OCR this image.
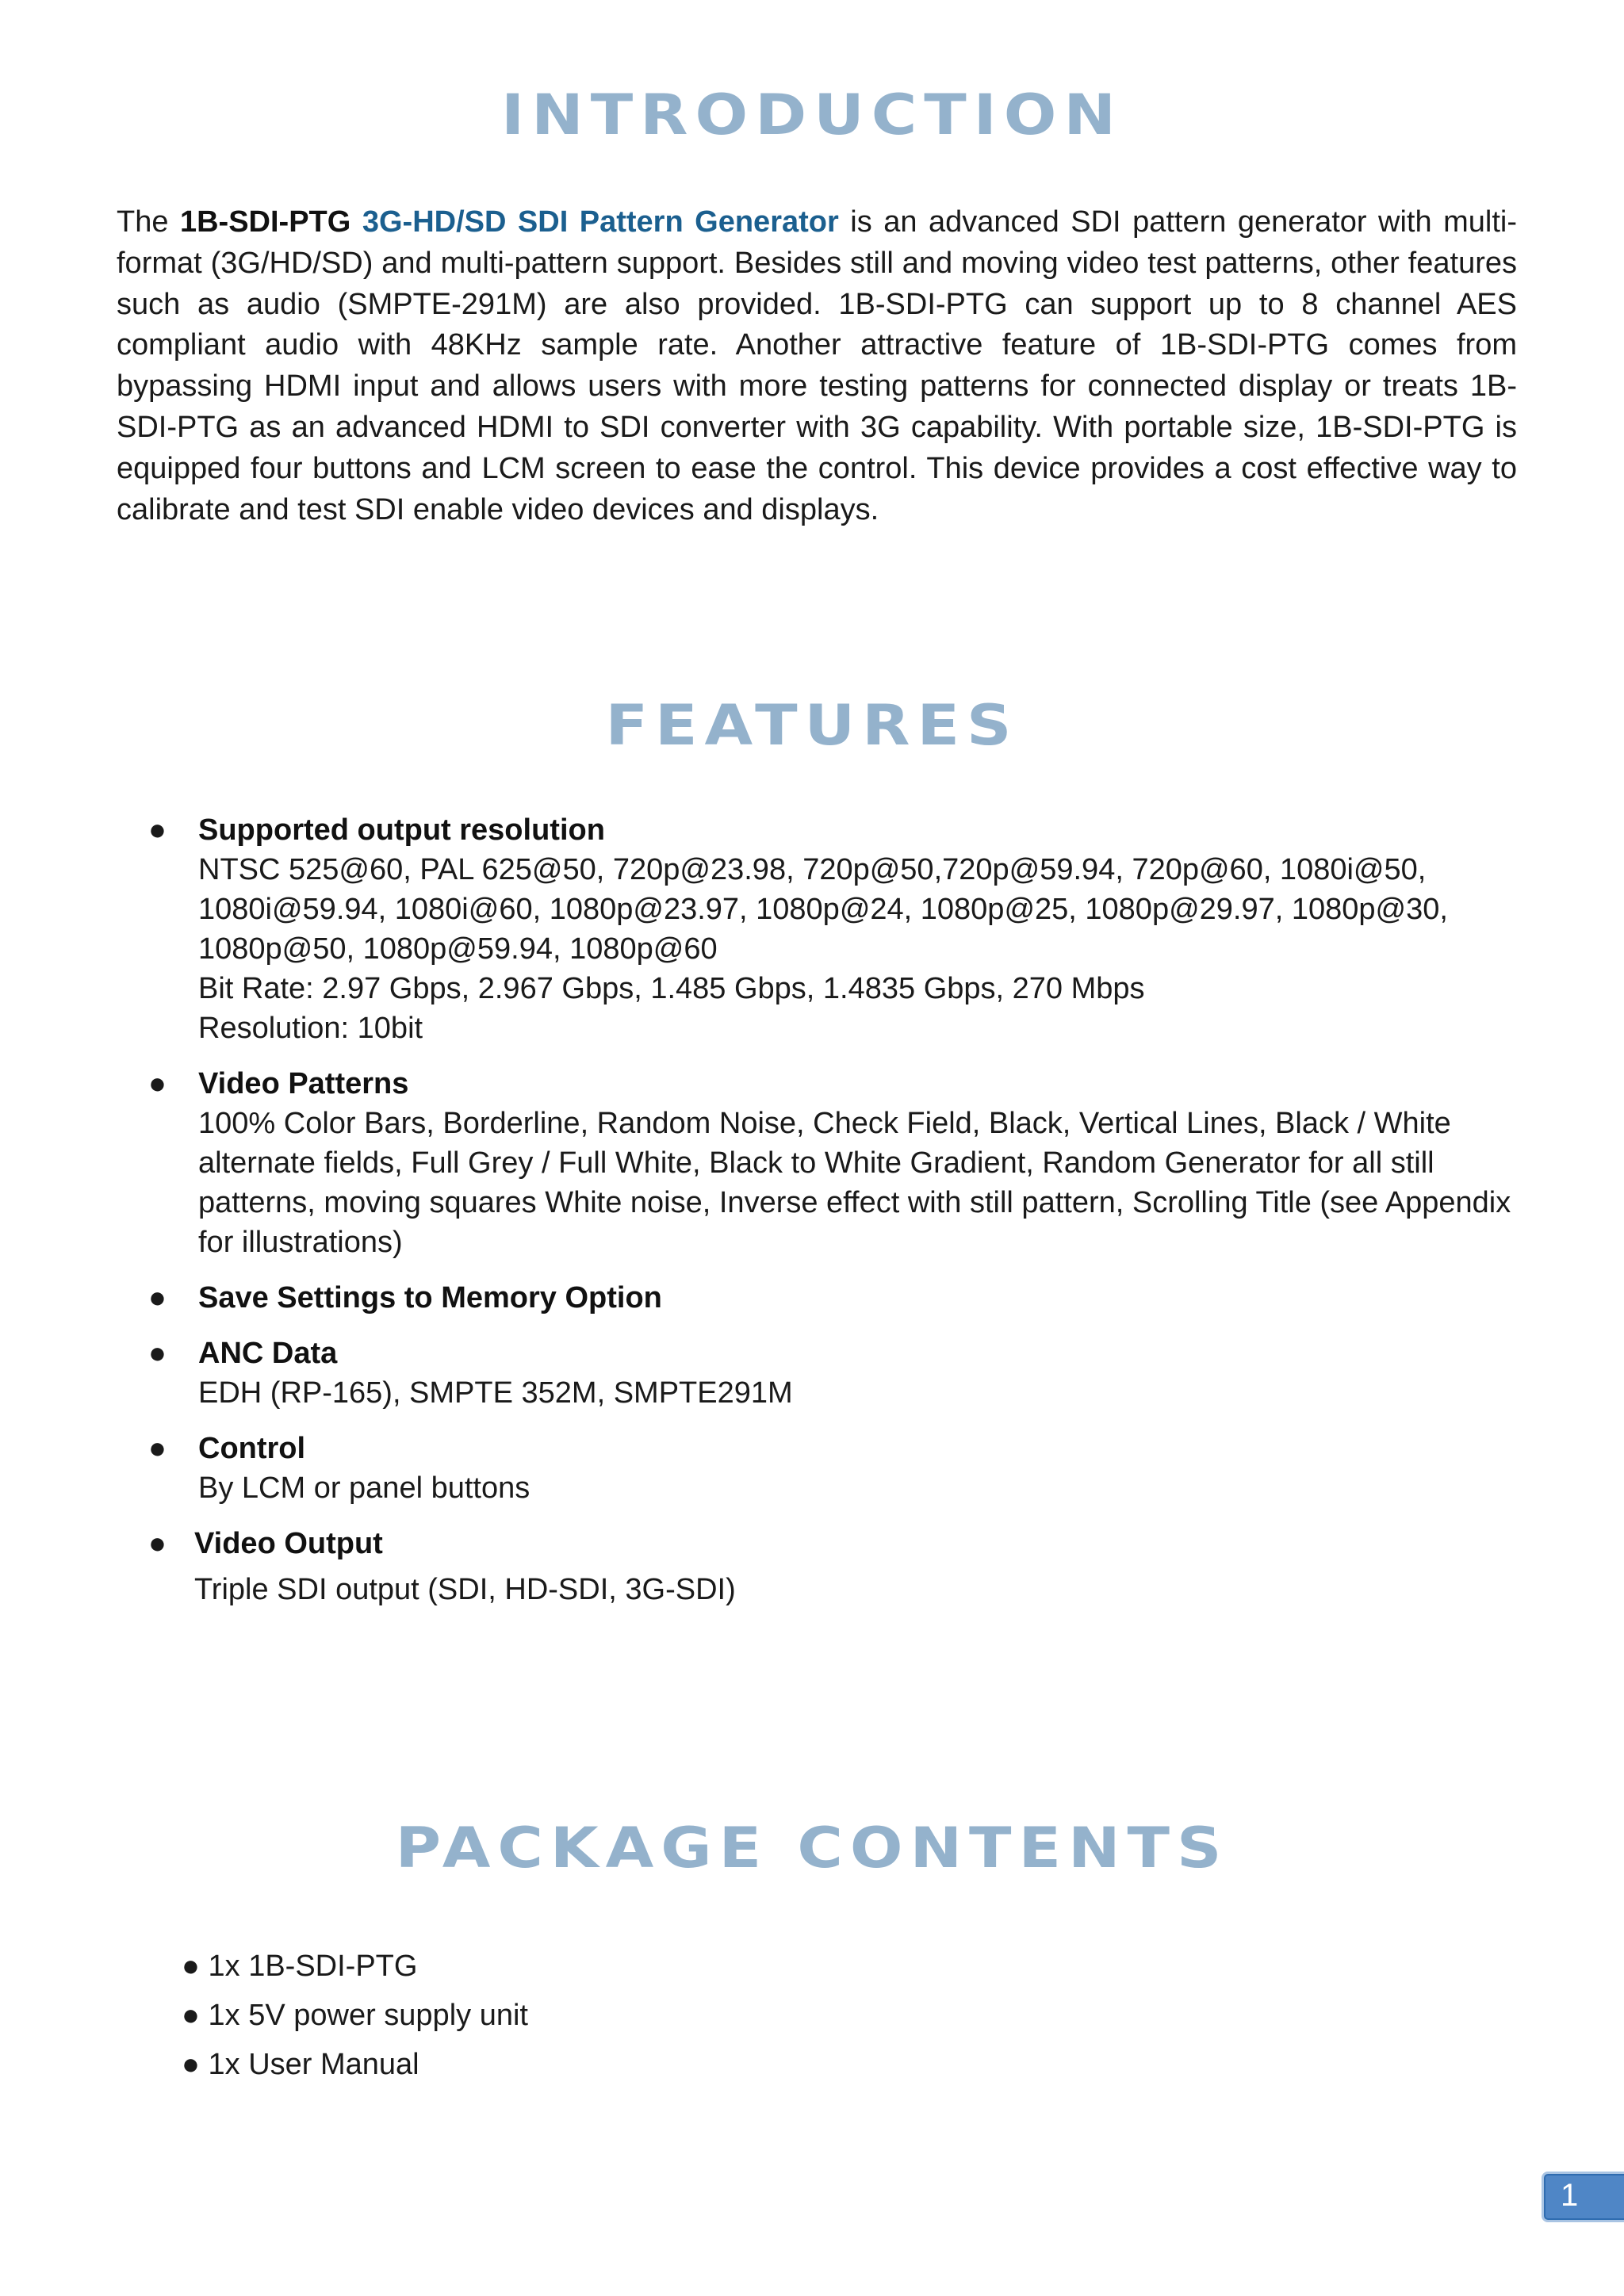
INTRODUCTION

The 1B-SDI-PTG 3G-HD/SD SDI Pattern Generator is an advanced SDI pattern generator with multi-format (3G/HD/SD) and multi-pattern support. Besides still and moving video test patterns, other features such as audio (SMPTE-291M) are also provided. 1B-SDI-PTG can support up to 8 channel AES compliant audio with 48KHz sample rate. Another attractive feature of 1B-SDI-PTG comes from bypassing HDMI input and allows users with more testing patterns for connected display or treats 1B-SDI-PTG as an advanced HDMI to SDI converter with 3G capability. With portable size, 1B-SDI-PTG is equipped four buttons and LCM screen to ease the control. This device provides a cost effective way to calibrate and test SDI enable video devices and displays.

FEATURES
● Supported output resolution
NTSC 525@60, PAL 625@50, 720p@23.98, 720p@50,720p@59.94, 720p@60, 1080i@50, 1080i@59.94, 1080i@60, 1080p@23.97, 1080p@24, 1080p@25, 1080p@29.97, 1080p@30, 1080p@50, 1080p@59.94, 1080p@60
Bit Rate: 2.97 Gbps, 2.967 Gbps, 1.485 Gbps, 1.4835 Gbps, 270 Mbps
Resolution: 10bit
● Video Patterns
100% Color Bars, Borderline, Random Noise, Check Field, Black, Vertical Lines, Black / White alternate fields, Full Grey / Full White, Black to White Gradient, Random Generator for all still patterns, moving squares White noise, Inverse effect with still pattern, Scrolling Title (see Appendix for illustrations)
● Save Settings to Memory Option
● ANC Data
EDH (RP-165), SMPTE 352M, SMPTE291M
● Control
By LCM or panel buttons
● Video Output
Triple SDI output (SDI, HD-SDI, 3G-SDI)
PACKAGE CONTENTS
● 1x 1B-SDI-PTG
● 1x 5V power supply unit
● 1x User Manual
1
